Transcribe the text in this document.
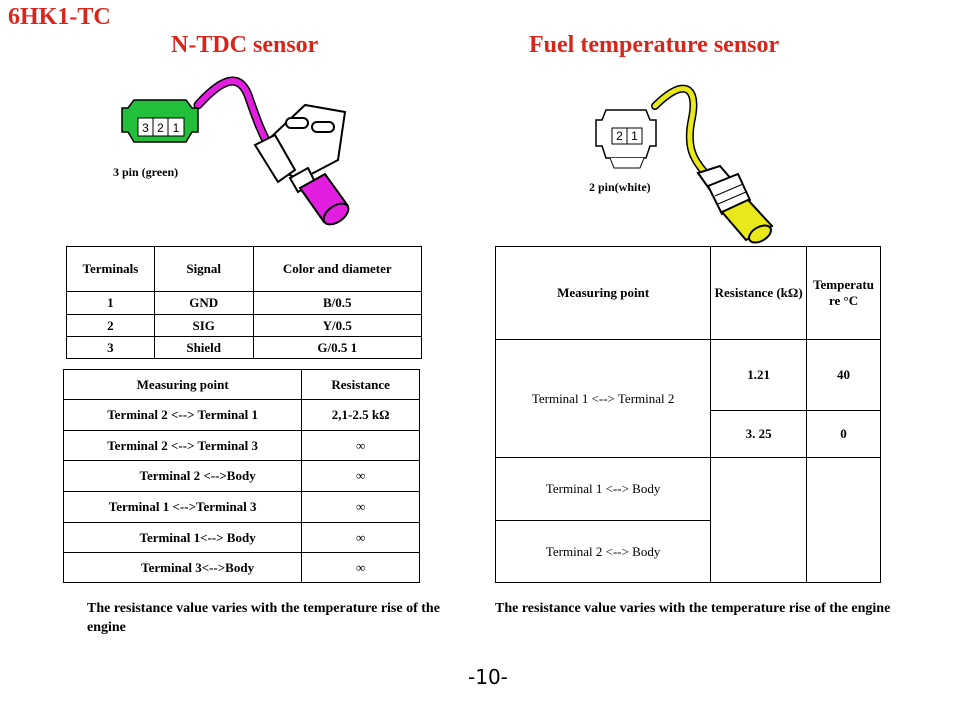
6HK1-TC
N-TDC sensor	Fuel temperature sensor
3 2 1
3 pin (green)
2 1
2 pin(white)
Terminals	Signal	Color and diameter
1	GND	B/0.5
2	SIG	Y/0.5
3	Shield	G/0.5 1
Measuring point	Resistance
Terminal 2 <--> Terminal 1	2,1-2.5 kΩ
Terminal 2 <--> Terminal 3	∞
Terminal 2 <-->Body	∞
Terminal 1 <-->Terminal 3	∞
Terminal 1<--> Body	∞
Terminal 3<-->Body	∞
Measuring point	Resistance (kΩ)	Temperatu re °C
Terminal 1 <--> Terminal 2	1.21	40
	3. 25	0
Terminal 1 <--> Body		
Terminal 2 <--> Body		
The resistance value varies with the temperature rise of the engine
The resistance value varies with the temperature rise of the engine
-10-
